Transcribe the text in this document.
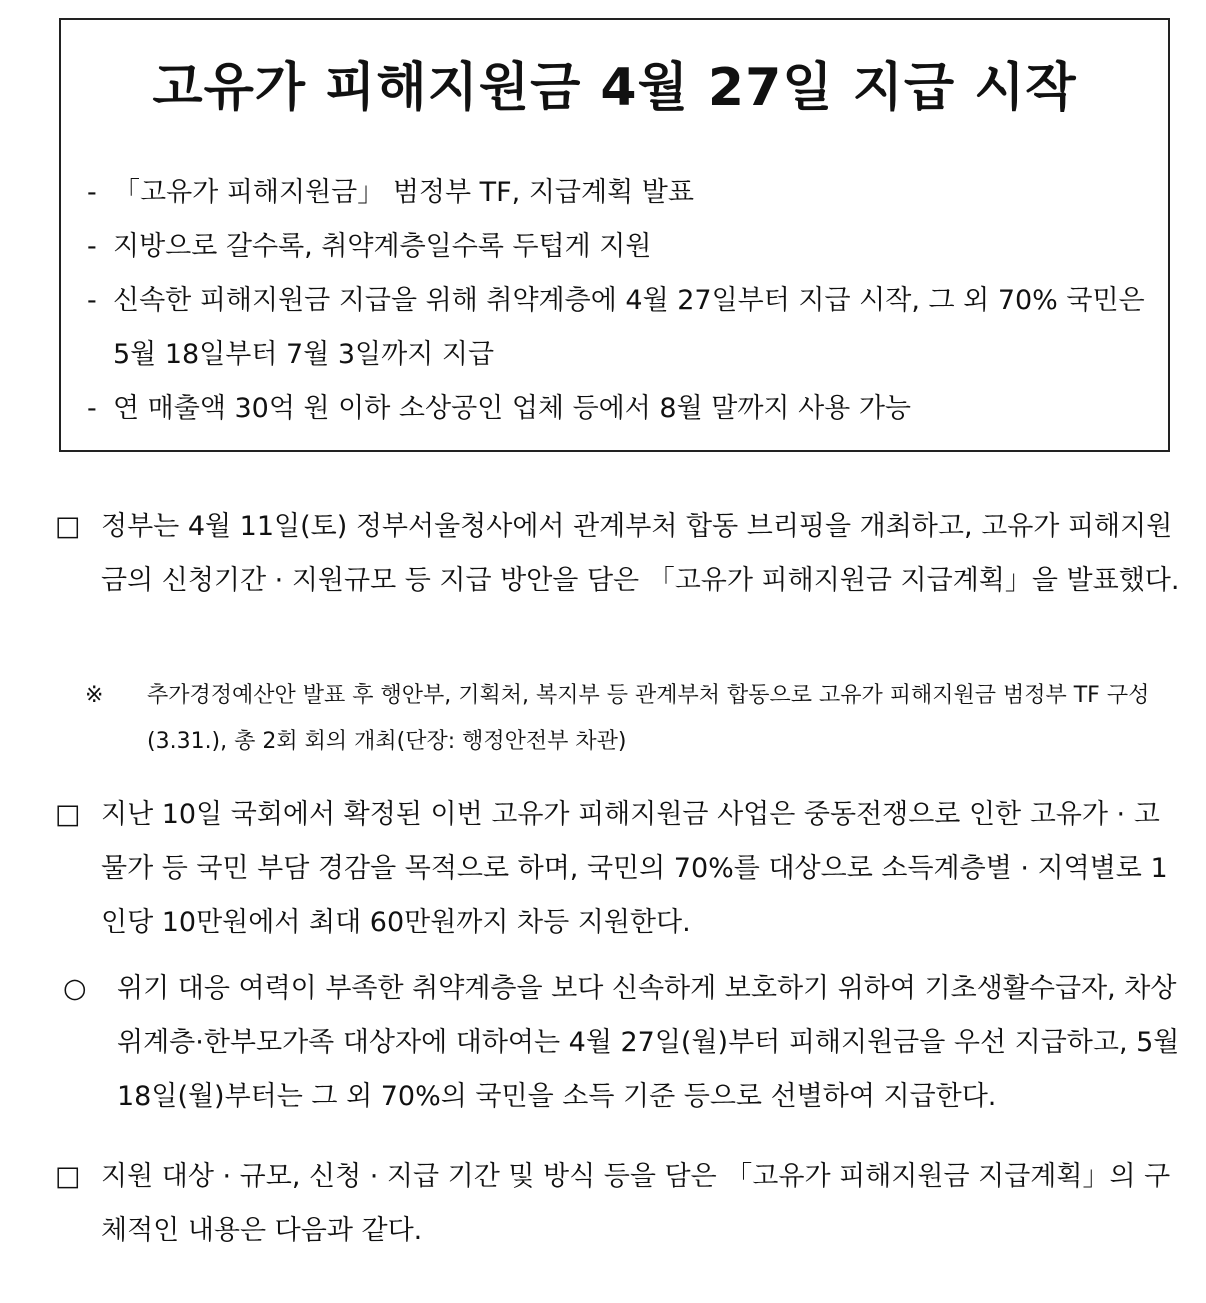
고유가 피해지원금 4월 27일 지급 시작
- 「고유가 피해지원금」 범정부 TF, 지급계획 발표
- 지방으로 갈수록, 취약계층일수록 두텁게 지원
- 신속한 피해지원금 지급을 위해 취약계층에 4월 27일부터 지급 시작, 그 외 70% 국민은 5월 18일부터 7월 3일까지 지급
- 연 매출액 30억 원 이하 소상공인 업체 등에서 8월 말까지 사용 가능
□ 정부는 4월 11일(토) 정부서울청사에서 관계부처 합동 브리핑을 개최하고, 고유가 피해지원금의 신청기간 · 지원규모 등 지급 방안을 담은 「고유가 피해지원금 지급계획」을 발표했다.
※ 추가경정예산안 발표 후 행안부, 기획처, 복지부 등 관계부처 합동으로 고유가 피해지원금 범정부 TF 구성(3.31.), 총 2회 회의 개최(단장: 행정안전부 차관)
□ 지난 10일 국회에서 확정된 이번 고유가 피해지원금 사업은 중동전쟁으로 인한 고유가 · 고물가 등 국민 부담 경감을 목적으로 하며, 국민의 70%를 대상으로 소득계층별 · 지역별로 1인당 10만원에서 최대 60만원까지 차등 지원한다.
○ 위기 대응 여력이 부족한 취약계층을 보다 신속하게 보호하기 위하여 기초생활수급자, 차상위계층·한부모가족 대상자에 대하여는 4월 27일(월)부터 피해지원금을 우선 지급하고, 5월 18일(월)부터는 그 외 70%의 국민을 소득 기준 등으로 선별하여 지급한다.
□ 지원 대상 · 규모, 신청 · 지급 기간 및 방식 등을 담은 「고유가 피해지원금 지급계획」의 구체적인 내용은 다음과 같다.
